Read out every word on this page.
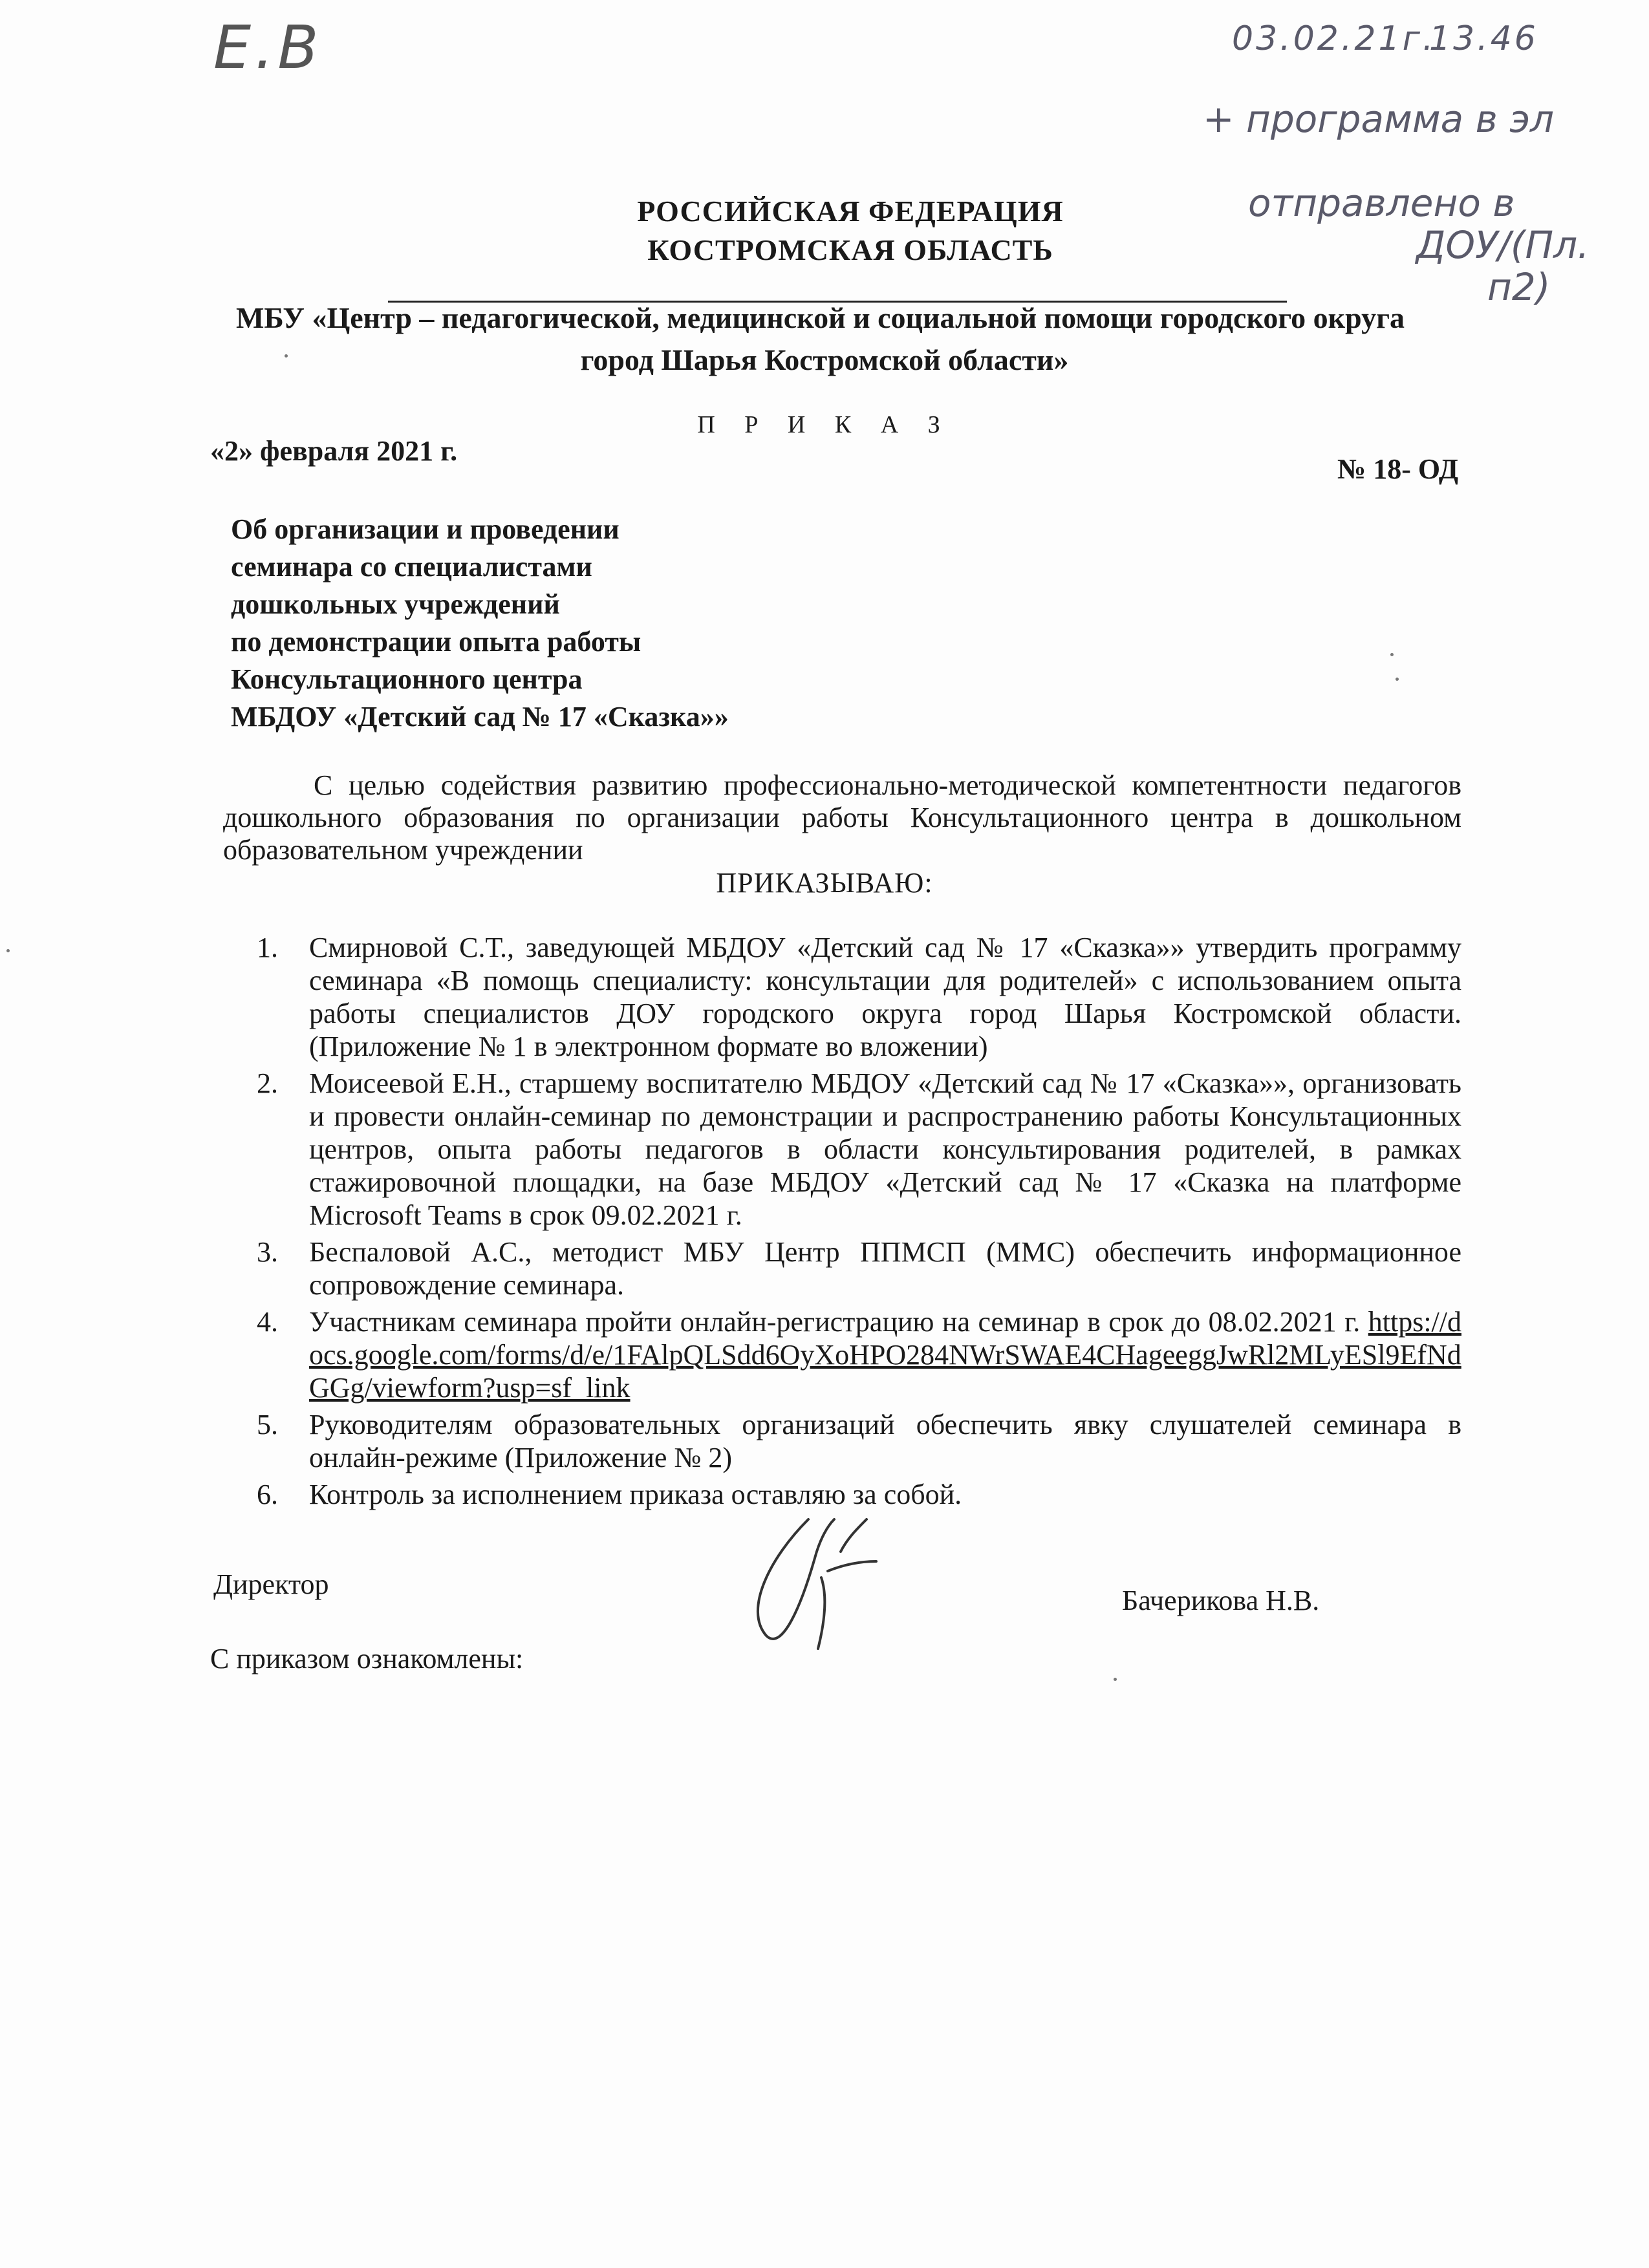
Е.В	03.02.21г.
13.46
+ программа в эл
отправлено в
ДОУ/(Пл.
п2)
РОССИЙСКАЯ ФЕДЕРАЦИЯ
КОСТРОМСКАЯ ОБЛАСТЬ
МБУ «Центр – педагогической, медицинской и социальной помощи городского округа
город Шарья Костромской области»
П Р И К А З
«2» февраля 2021 г.
№ 18- ОД
Об организации и проведении
семинара со специалистами
дошкольных учреждений
по демонстрации опыта работы
Консультационного центра
МБДОУ «Детский сад № 17 «Сказка»»
С целью содействия развитию профессионально-методической компетентности педагогов дошкольного образования по организации работы Консультационного центра в дошкольном образовательном учреждении
ПРИКАЗЫВАЮ:
1. Смирновой С.Т., заведующей МБДОУ «Детский сад № 17 «Сказка»» утвердить программу семинара «В помощь специалисту: консультации для родителей» с использованием опыта работы специалистов ДОУ городского округа город Шарья Костромской области. (Приложение № 1 в электронном формате во вложении)
2. Моисеевой Е.Н., старшему воспитателю МБДОУ «Детский сад № 17 «Сказка»», организовать и провести онлайн-семинар по демонстрации и распространению работы Консультационных центров, опыта работы педагогов в области консультирования родителей, в рамках стажировочной площадки, на базе МБДОУ «Детский сад № 17 «Сказка на платформе Microsoft Teams в срок 09.02.2021 г.
3. Беспаловой А.С., методист МБУ Центр ППМСП (ММС) обеспечить информационное сопровождение семинара.
4. Участникам семинара пройти онлайн-регистрацию на семинар в срок до 08.02.2021 г. https://docs.google.com/forms/d/e/1FAlpQLSdd6OyXoHPO284NWrSWAE4CHageeggJwRl2MLyESl9EfNdGGg/viewform?usp=sf_link
5. Руководителям образовательных организаций обеспечить явку слушателей семинара в онлайн-режиме (Приложение № 2)
6. Контроль за исполнением приказа оставляю за собой.
Директор
Бачерикова Н.В.
С приказом ознакомлены:
